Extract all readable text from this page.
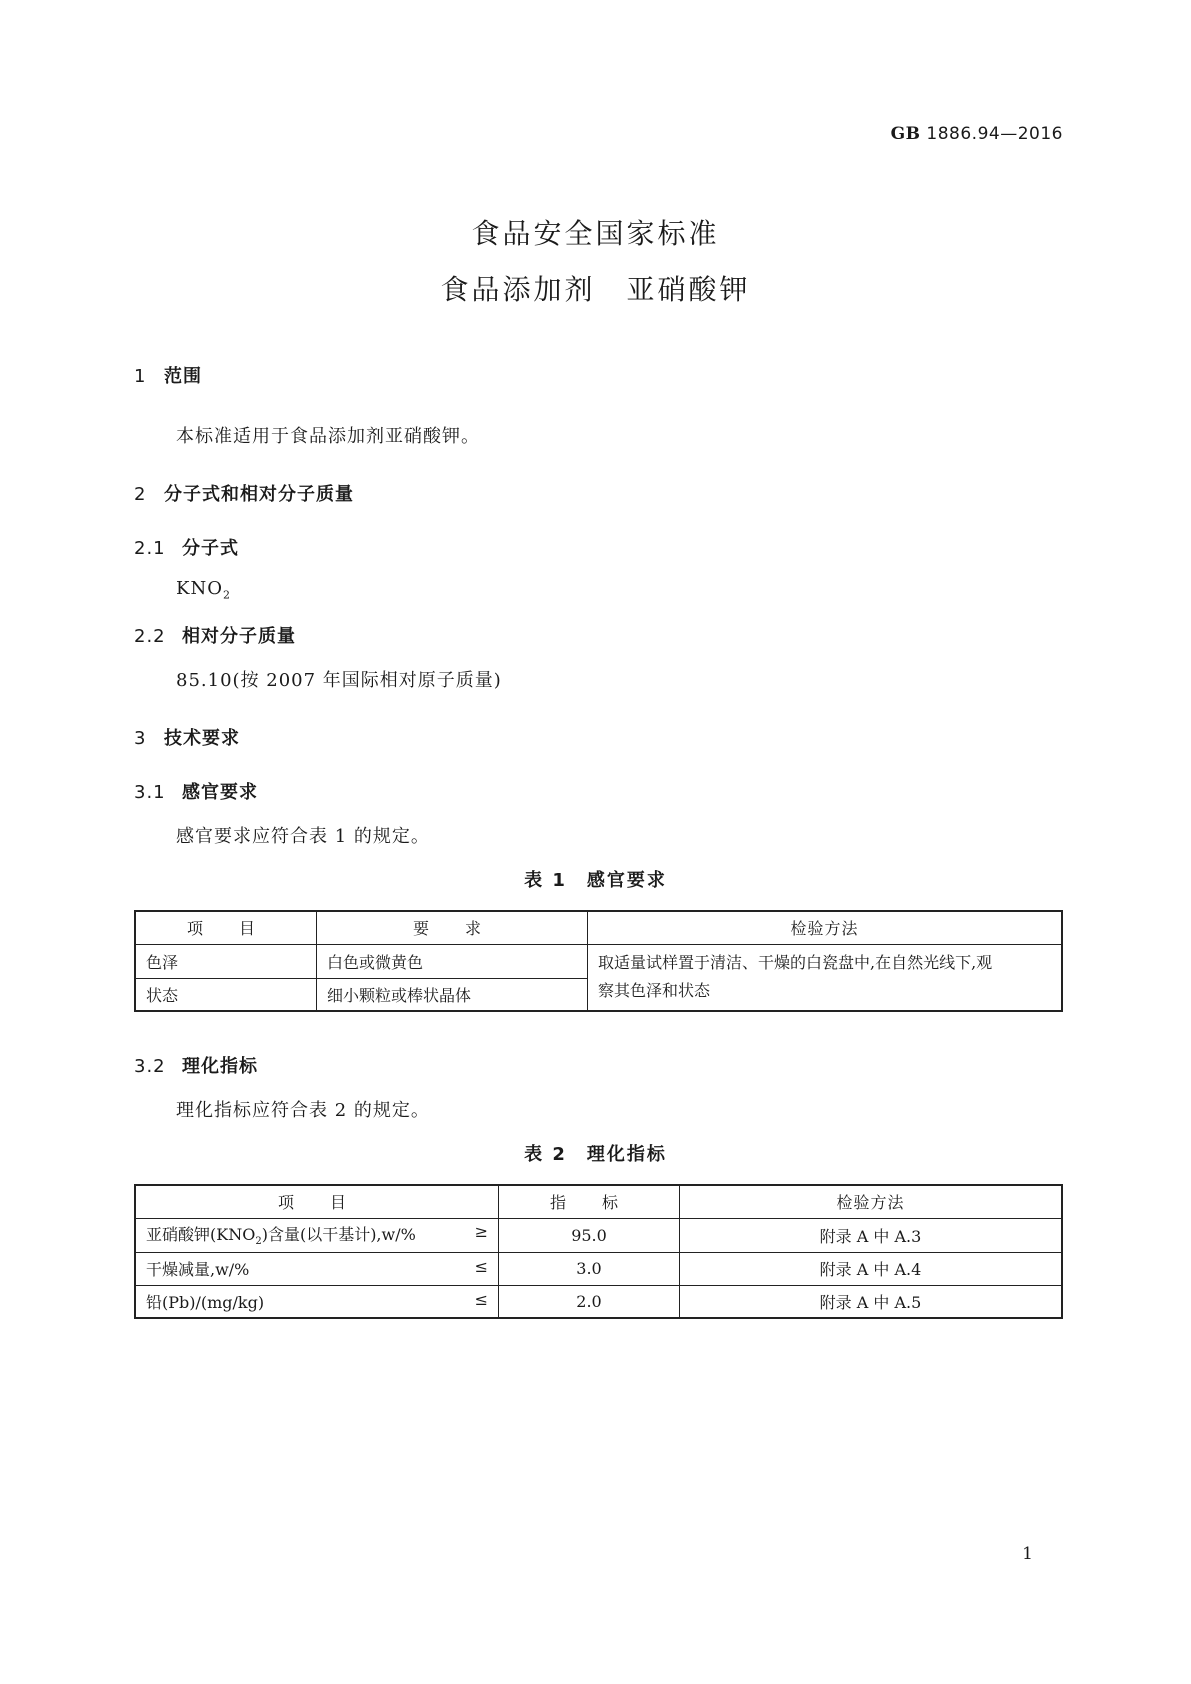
GB 1886.94—2016
食品安全国家标准
食品添加剂　亚硝酸钾
1 范围
本标准适用于食品添加剂亚硝酸钾。
2 分子式和相对分子质量
2.1 分子式
$KNO_2$
2.2 相对分子质量
85.10(按 2007 年国际相对原子质量)
3 技术要求
3.1 感官要求
感官要求应符合表 1 的规定。
表 1　感官要求
项　目	要　求	检验方法
色泽	白色或微黄色	取适量试样置于清洁、干燥的白瓷盘中,在自然光线下,观
察其色泽和状态

状态	细小颗粒或棒状晶体	
3.2 理化指标
理化指标应符合表 2 的规定。
表 2　理化指标
项　目	指　标	检验方法
亚硝酸钾$(KNO_2)$含量(以干基计),w/% ≥	95.0	附录 A 中 A.3
干燥减量,w/% ≤	3.0	附录 A 中 A.4
铅(Pb)/(mg/kg) ≤	2.0	附录 A 中 A.5
1
